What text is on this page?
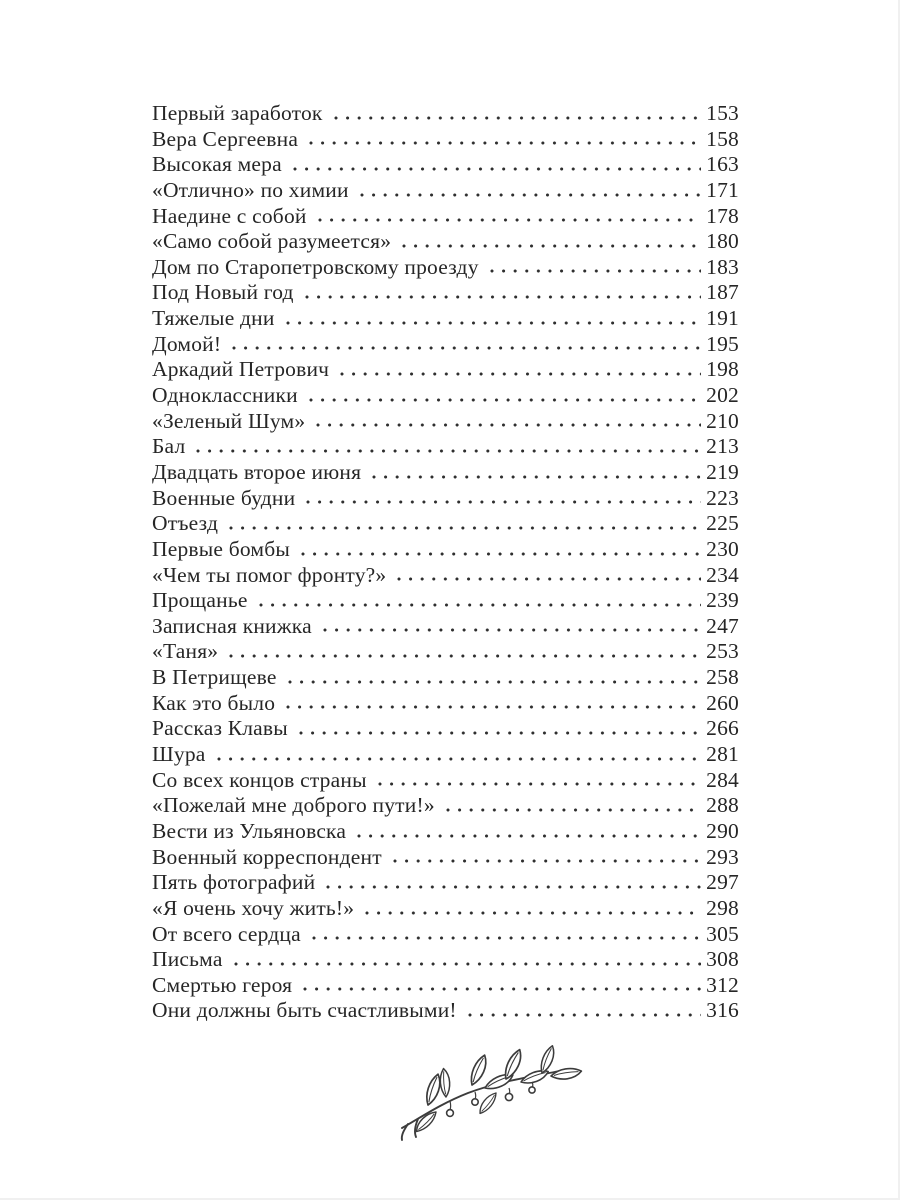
Первый заработок	153
Вера Сергеевна	158
Высокая мера	163
«Отлично» по химии	171
Наедине с собой	178
«Само собой разумеется»	180
Дом по Старопетровскому проезду	183
Под Новый год	187
Тяжелые дни	191
Домой!	195
Аркадий Петрович	198
Одноклассники	202
«Зеленый Шум»	210
Бал	213
Двадцать второе июня	219
Военные будни	223
Отъезд	225
Первые бомбы	230
«Чем ты помог фронту?»	234
Прощанье	239
Записная книжка	247
«Таня»	253
В Петрищеве	258
Как это было	260
Рассказ Клавы	266
Шура	281
Со всех концов страны	284
«Пожелай мне доброго пути!»	288
Вести из Ульяновска	290
Военный корреспондент	293
Пять фотографий	297
«Я очень хочу жить!»	298
От всего сердца	305
Письма	308
Смертью героя	312
Они должны быть счастливыми!	316
